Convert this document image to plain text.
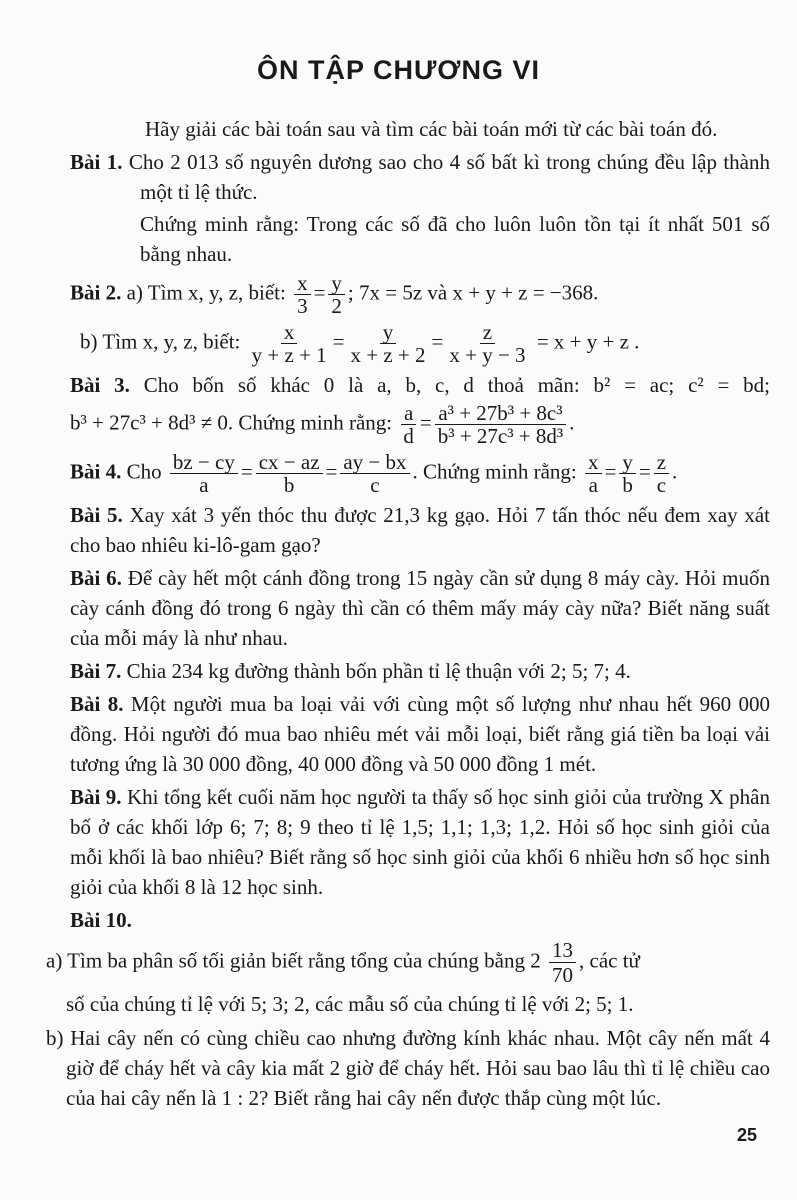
ÔN TẬP CHƯƠNG VI
Hãy giải các bài toán sau và tìm các bài toán mới từ các bài toán đó.
Bài 1. Cho 2 013 số nguyên dương sao cho 4 số bất kì trong chúng đều lập thành một tỉ lệ thức.
Chứng minh rằng: Trong các số đã cho luôn luôn tồn tại ít nhất 501 số bằng nhau.
Bài 2. a) Tìm x, y, z, biết: $\frac{x}{3} = \frac{y}{2}$ ; 7x = 5z và x + y + z = −368.
b) Tìm x, y, z, biết: $\frac{x}{y + z + 1} = \frac{y}{x + z + 2} = \frac{z}{x + y - 3} = x + y + z$ .
Bài 3. Cho bốn số khác 0 là a, b, c, d thoả mãn: b² = ac; c² = bd;
b³ + 27c³ + 8d³ ≠ 0. Chứng minh rằng: $\frac{a}{d} = \frac{\text{a³ + 27b³ + 8c³}}{\text{b³ + 27c³ + 8d³}}$ .
Bài 4. Cho $\frac{bz - cy}{a} = \frac{cx - az}{b} = \frac{ay - bx}{c}$ . Chứng minh rằng: $\frac{x}{a} = \frac{y}{b} = \frac{z}{c}$ .
Bài 5. Xay xát 3 yến thóc thu được 21,3 kg gạo. Hỏi 7 tấn thóc nếu đem xay xát cho bao nhiêu ki-lô-gam gạo?
Bài 6. Để cày hết một cánh đồng trong 15 ngày cần sử dụng 8 máy cày. Hỏi muốn cày cánh đồng đó trong 6 ngày thì cần có thêm mấy máy cày nữa? Biết năng suất của mỗi máy là như nhau.
Bài 7. Chia 234 kg đường thành bốn phần tỉ lệ thuận với 2; 5; 7; 4.
Bài 8. Một người mua ba loại vải với cùng một số lượng như nhau hết 960 000 đồng. Hỏi người đó mua bao nhiêu mét vải mỗi loại, biết rằng giá tiền ba loại vải tương ứng là 30 000 đồng, 40 000 đồng và 50 000 đồng 1 mét.
Bài 9. Khi tổng kết cuối năm học người ta thấy số học sinh giỏi của trường X phân bố ở các khối lớp 6; 7; 8; 9 theo tỉ lệ 1,5; 1,1; 1,3; 1,2. Hỏi số học sinh giỏi của mỗi khối là bao nhiêu? Biết rằng số học sinh giỏi của khối 6 nhiều hơn số học sinh giỏi của khối 8 là 12 học sinh.
Bài 10.
a) Tìm ba phân số tối giản biết rằng tổng của chúng bằng $2 \frac{13}{70}$ , các tử
số của chúng tỉ lệ với 5; 3; 2, các mẫu số của chúng tỉ lệ với 2; 5; 1.
b) Hai cây nến có cùng chiều cao nhưng đường kính khác nhau. Một cây nến mất 4 giờ để cháy hết và cây kia mất 2 giờ để cháy hết. Hỏi sau bao lâu thì tỉ lệ chiều cao của hai cây nến là 1 : 2? Biết rằng hai cây nến được thắp cùng một lúc.
25
